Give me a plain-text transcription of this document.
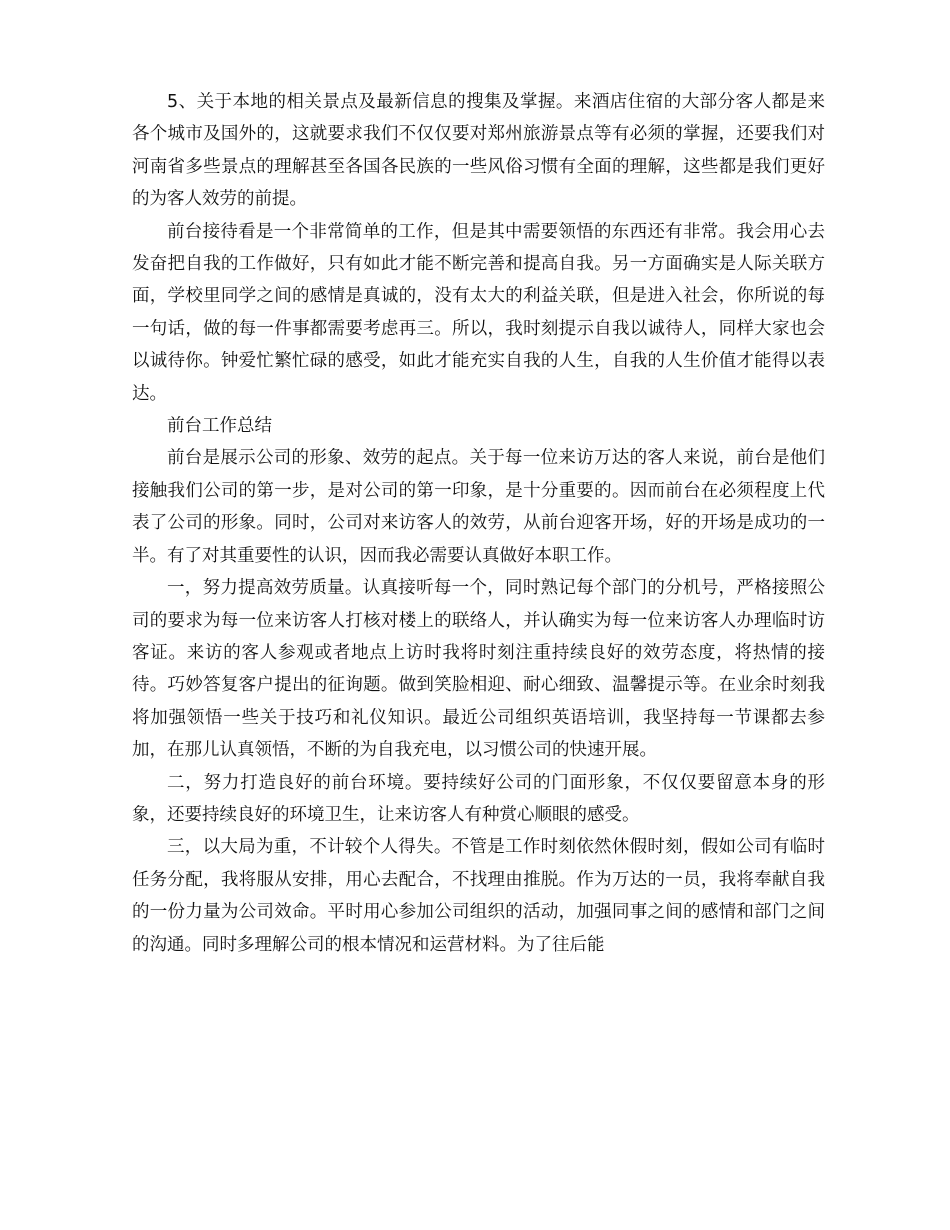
5、关于本地的相关景点及最新信息的搜集及掌握。来酒店住宿的大部分客人都是来各个城市及国外的，这就要求我们不仅仅要对郑州旅游景点等有必须的掌握，还要我们对河南省多些景点的理解甚至各国各民族的一些风俗习惯有全面的理解，这些都是我们更好的为客人效劳的前提。

前台接待看是一个非常简单的工作，但是其中需要领悟的东西还有非常。我会用心去发奋把自我的工作做好，只有如此才能不断完善和提高自我。另一方面确实是人际关联方面，学校里同学之间的感情是真诚的，没有太大的利益关联，但是进入社会，你所说的每一句话，做的每一件事都需要考虑再三。所以，我时刻提示自我以诚待人，同样大家也会以诚待你。钟爱忙繁忙碌的感受，如此才能充实自我的人生，自我的人生价值才能得以表达。

前台工作总结

前台是展示公司的形象、效劳的起点。关于每一位来访万达的客人来说，前台是他们接触我们公司的第一步，是对公司的第一印象，是十分重要的。因而前台在必须程度上代表了公司的形象。同时，公司对来访客人的效劳，从前台迎客开场，好的开场是成功的一半。有了对其重要性的认识，因而我必需要认真做好本职工作。

一，努力提高效劳质量。认真接听每一个，同时熟记每个部门的分机号，严格接照公司的要求为每一位来访客人打核对楼上的联络人，并认确实为每一位来访客人办理临时访客证。来访的客人参观或者地点上访时我将时刻注重持续良好的效劳态度，将热情的接待。巧妙答复客户提出的征询题。做到笑脸相迎、耐心细致、温馨提示等。在业余时刻我将加强领悟一些关于技巧和礼仪知识。最近公司组织英语培训，我坚持每一节课都去参加，在那儿认真领悟，不断的为自我充电，以习惯公司的快速开展。

二，努力打造良好的前台环境。要持续好公司的门面形象，不仅仅要留意本身的形象，还要持续良好的环境卫生，让来访客人有种赏心顺眼的感受。

三，以大局为重，不计较个人得失。不管是工作时刻依然休假时刻，假如公司有临时任务分配，我将服从安排，用心去配合，不找理由推脱。作为万达的一员，我将奉献自我的一份力量为公司效命。平时用心参加公司组织的活动，加强同事之间的感情和部门之间的沟通。同时多理解公司的根本情况和运营材料。为了往后能
